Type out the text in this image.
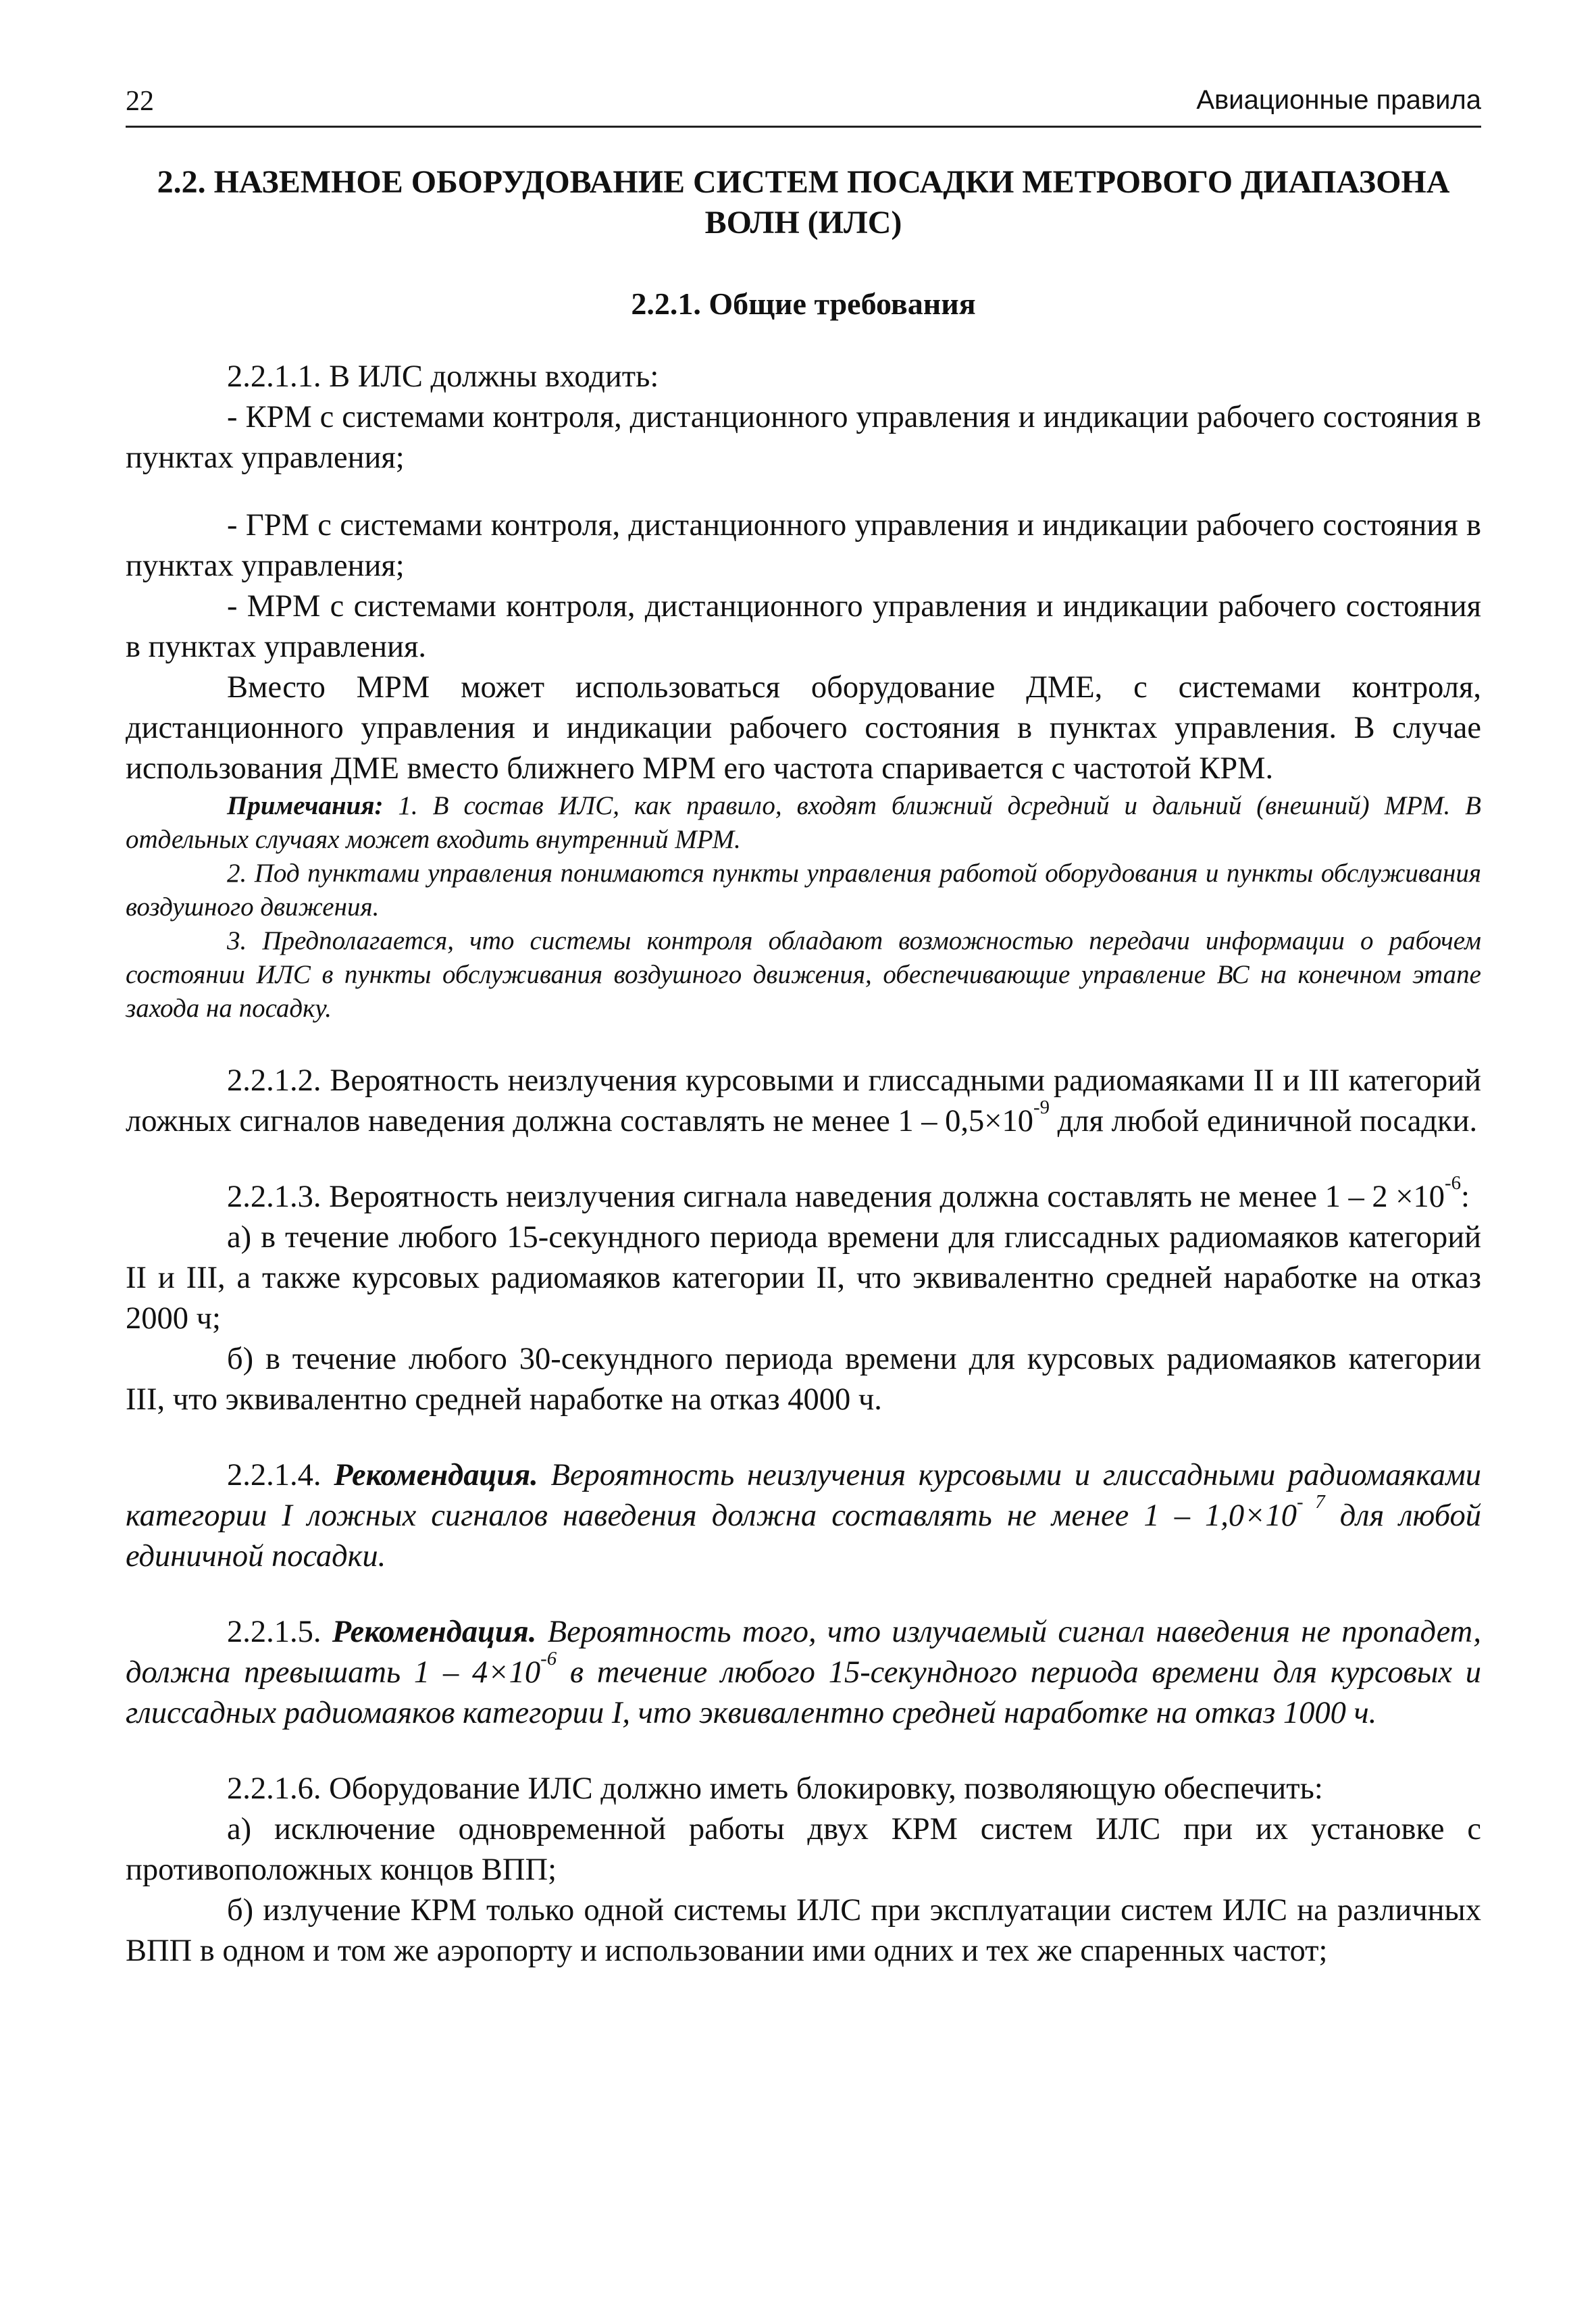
22	Авиационные правила
2.2. НАЗЕМНОЕ ОБОРУДОВАНИЕ СИСТЕМ ПОСАДКИ МЕТРОВОГО ДИАПАЗОНА ВОЛН (ИЛС)
2.2.1. Общие требования

2.2.1.1. В ИЛС должны входить:

- КРМ с системами контроля, дистанционного управления и индикации рабочего состояния в пунктах управления;

- ГРМ с системами контроля, дистанционного управления и индикации рабочего состояния в пунктах управления;

- МРМ с системами контроля, дистанционного управления и индикации рабочего состояния в пунктах управления.

Вместо МРМ может использоваться оборудование ДМЕ, с системами контроля, дистанционного управления и индикации рабочего состояния в пунктах управления. В случае использования ДМЕ вместо ближнего МРМ его частота спаривается с частотой КРМ.

Примечания: 1. В состав ИЛС, как правило, входят ближний дсредний и дальний (внешний) МРМ. В отдельных случаях может входить внутренний МРМ.

2. Под пунктами управления понимаются пункты управления работой оборудования и пункты обслуживания воздушного движения.

3. Предполагается, что системы контроля обладают возможностью передачи информации о рабочем состоянии ИЛС в пункты обслуживания воздушного движения, обеспечивающие управление ВС на конечном этапе захода на посадку.

2.2.1.2. Вероятность неизлучения курсовыми и глиссадными радиомаяками II и III категорий ложных сигналов наведения должна составлять не менее $1 - 0,5\times 10^{-9}$ для любой единичной посадки.

2.2.1.3. Вероятность неизлучения сигнала наведения должна составлять не менее $1 - 2 \times 10^{-6}$:

а) в течение любого 15-секундного периода времени для глиссадных радиомаяков категорий II и III, а также курсовых радиомаяков категории II, что эквивалентно средней наработке на отказ 2000 ч;

б) в течение любого 30-секундного периода времени для курсовых радиомаяков категории III, что эквивалентно средней наработке на отказ 4000 ч.

2.2.1.4. Рекомендация. Вероятность неизлучения курсовыми и глиссадными радиомаяками категории I ложных сигналов наведения должна составлять не менее $1 - 1,0\times 10^{- 7}$ для любой единичной посадки.

2.2.1.5. Рекомендация. Вероятность того, что излучаемый сигнал наведения не пропадет, должна превышать $1 - 4\times 10^{-6}$ в течение любого 15-секундного периода времени для курсовых и глиссадных радиомаяков категории I, что эквивалентно средней наработке на отказ 1000 ч.

2.2.1.6. Оборудование ИЛС должно иметь блокировку, позволяющую обеспечить:

а) исключение одновременной работы двух КРМ систем ИЛС при их установке с противоположных концов ВПП;

б) излучение КРМ только одной системы ИЛС при эксплуатации систем ИЛС на различных ВПП в одном и том же аэропорту и использовании ими одних и тех же спаренных частот;
